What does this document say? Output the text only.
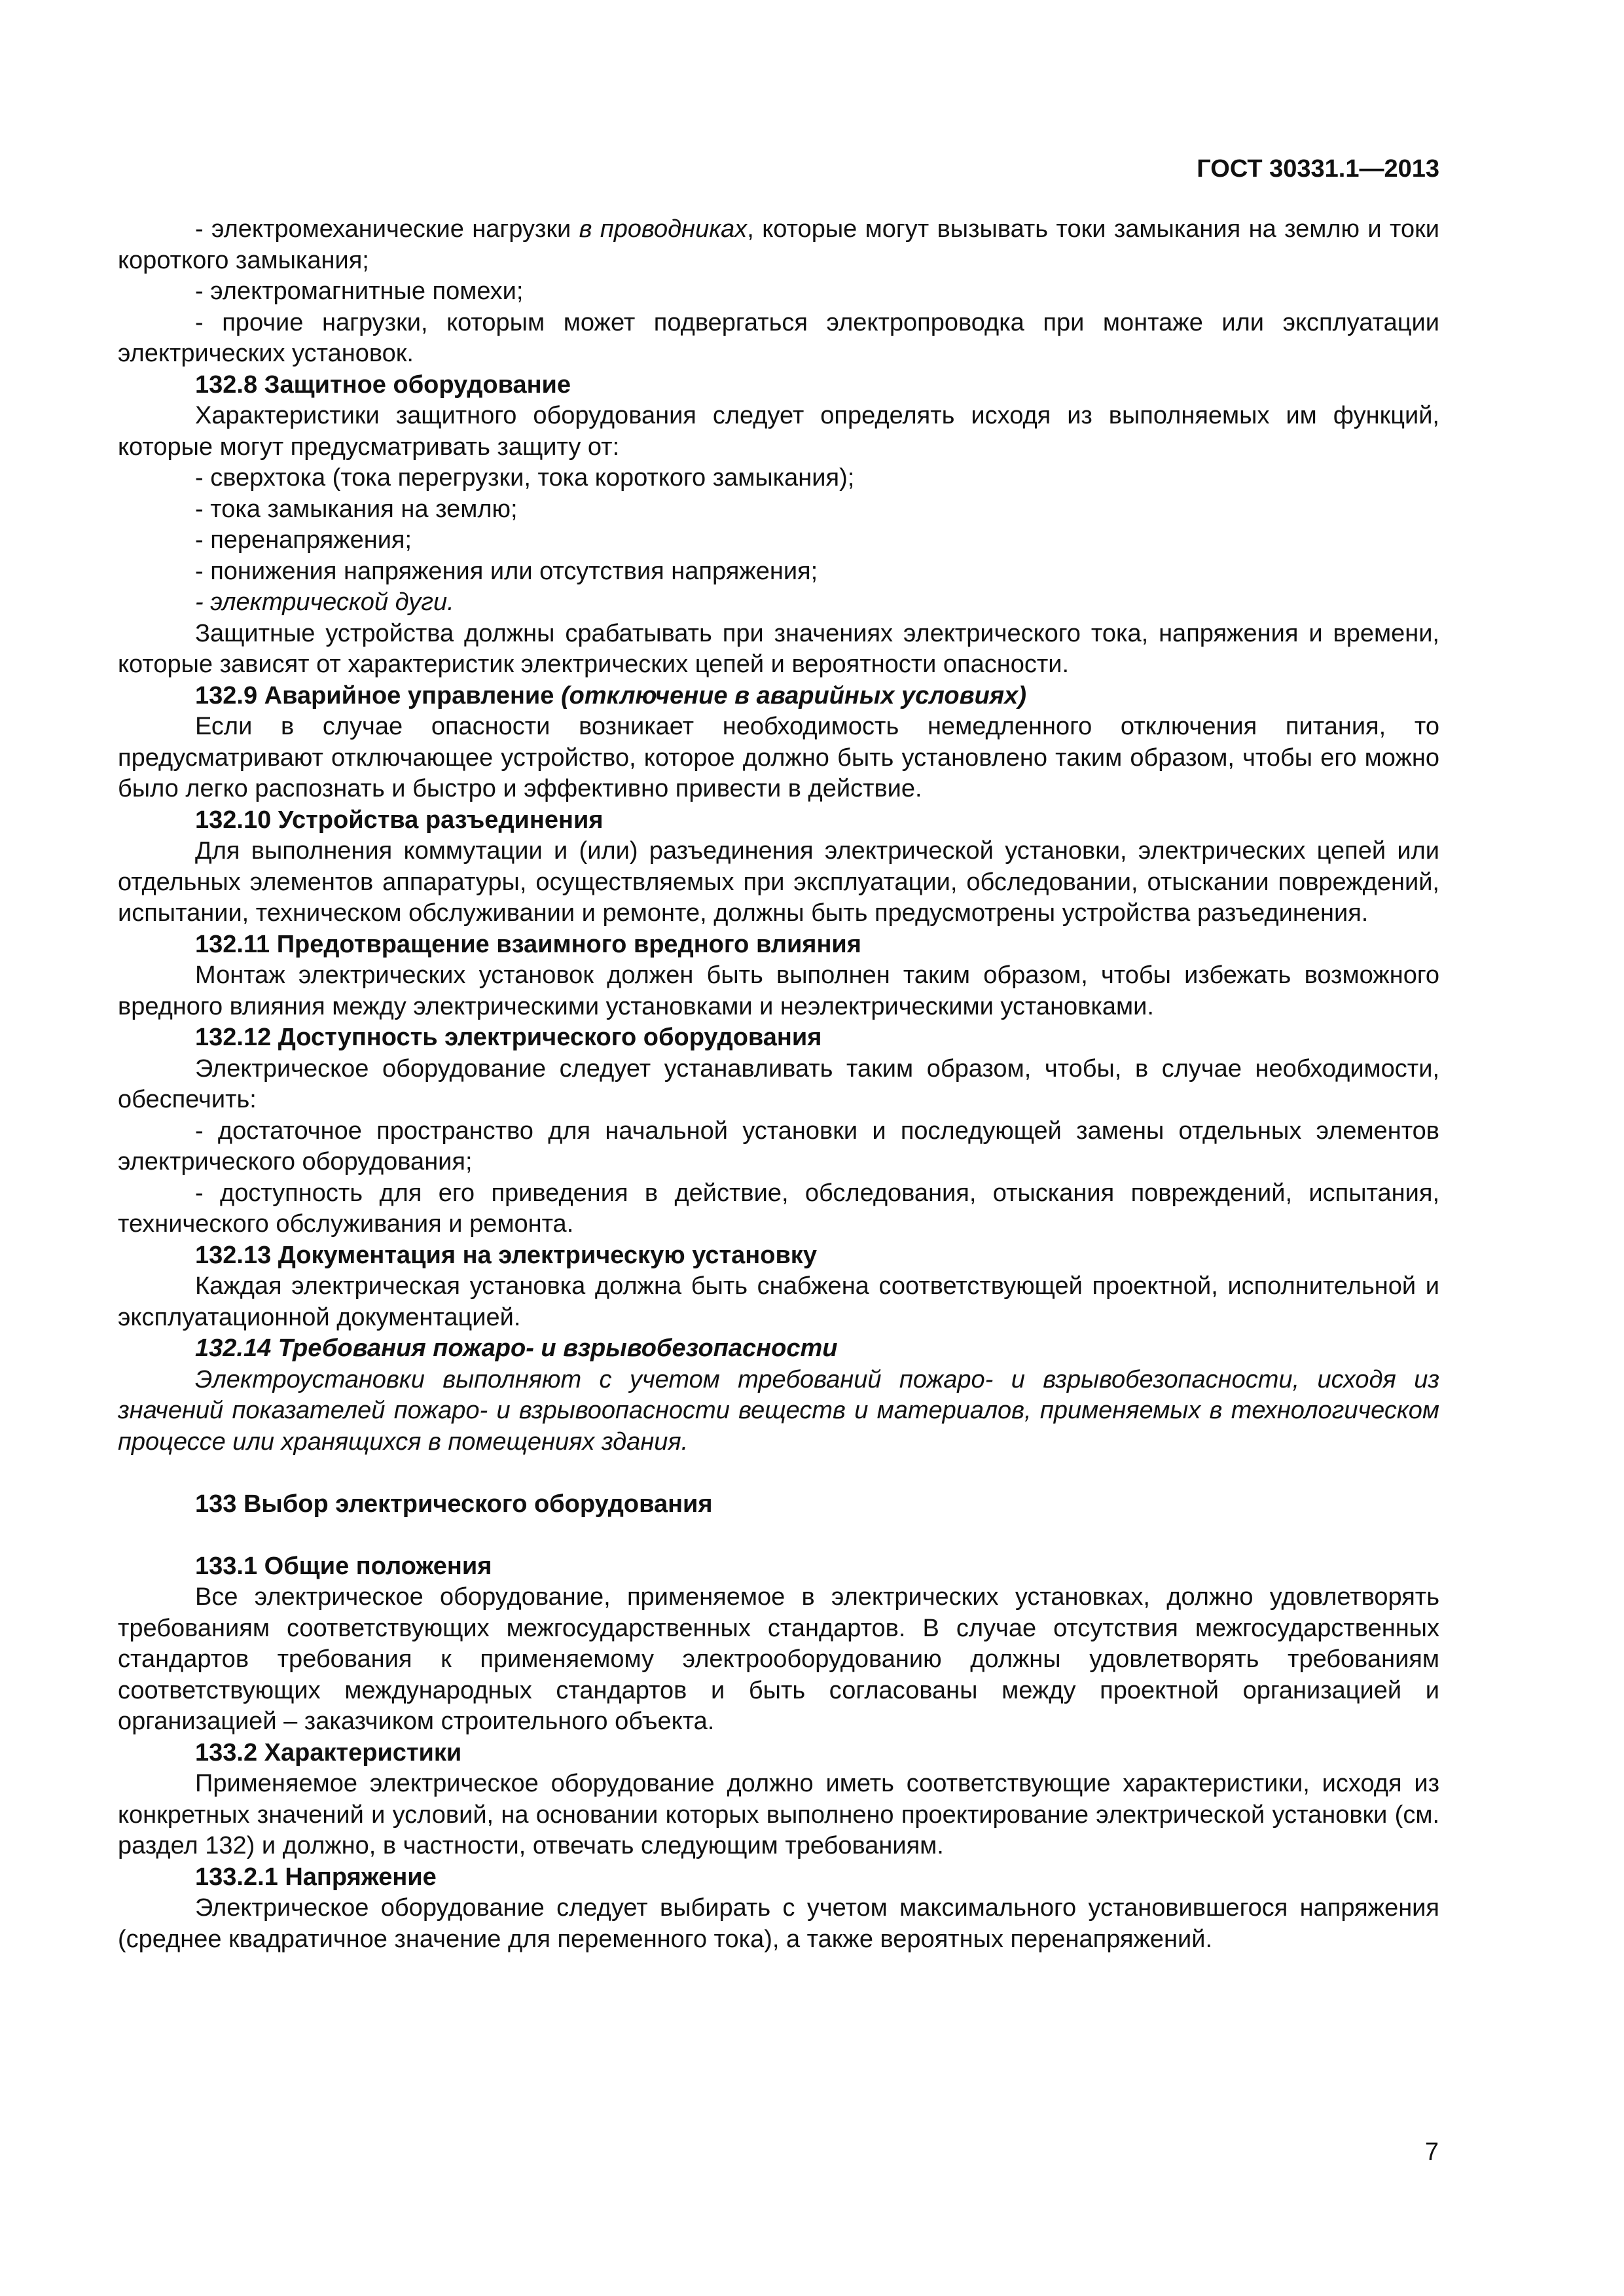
ГОСТ 30331.1—2013

- электромеханические нагрузки в проводниках, которые могут вызывать токи замыкания на землю и токи короткого замыкания;

- электромагнитные помехи;

- прочие нагрузки, которым может подвергаться электропроводка при монтаже или эксплуатации электрических установок.

132.8 Защитное оборудование

Характеристики защитного оборудования следует определять исходя из выполняемых им функций, которые могут предусматривать защиту от:

- сверхтока (тока перегрузки, тока короткого замыкания);

- тока замыкания на землю;

- перенапряжения;

- понижения напряжения или отсутствия напряжения;

- электрической дуги.

Защитные устройства должны срабатывать при значениях электрического тока, напряжения и времени, которые зависят от характеристик электрических цепей и вероятности опасности.

132.9 Аварийное управление (отключение в аварийных условиях)

Если в случае опасности возникает необходимость немедленного отключения питания, то предусматривают отключающее устройство, которое должно быть установлено таким образом, чтобы его можно было легко распознать и быстро и эффективно привести в действие.

132.10 Устройства разъединения

Для выполнения коммутации и (или) разъединения электрической установки, электрических цепей или отдельных элементов аппаратуры, осуществляемых при эксплуатации, обследовании, отыскании повреждений, испытании, техническом обслуживании и ремонте, должны быть предусмотрены устройства разъединения.

132.11 Предотвращение взаимного вредного влияния

Монтаж электрических установок должен быть выполнен таким образом, чтобы избежать возможного вредного влияния между электрическими установками и неэлектрическими установками.

132.12 Доступность электрического оборудования

Электрическое оборудование следует устанавливать таким образом, чтобы, в случае необходимости, обеспечить:

- достаточное пространство для начальной установки и последующей замены отдельных элементов электрического оборудования;

- доступность для его приведения в действие, обследования, отыскания повреждений, испытания, технического обслуживания и ремонта.

132.13 Документация на электрическую установку

Каждая электрическая установка должна быть снабжена соответствующей проектной, исполнительной и эксплуатационной документацией.

132.14 Требования пожаро- и взрывобезопасности

Электроустановки выполняют с учетом требований пожаро- и взрывобезопасности, исходя из значений показателей пожаро- и взрывоопасности веществ и материалов, применяемых в технологическом процессе или хранящихся в помещениях здания.

133 Выбор электрического оборудования

133.1 Общие положения

Все электрическое оборудование, применяемое в электрических установках, должно удовлетворять требованиям соответствующих межгосударственных стандартов. В случае отсутствия межгосударственных стандартов требования к применяемому электрооборудованию должны удовлетворять требованиям соответствующих международных стандартов и быть согласованы между проектной организацией и организацией – заказчиком строительного объекта.

133.2 Характеристики

Применяемое электрическое оборудование должно иметь соответствующие характеристики, исходя из конкретных значений и условий, на основании которых выполнено проектирование электрической установки (см. раздел 132) и должно, в частности, отвечать следующим требованиям.

133.2.1 Напряжение

Электрическое оборудование следует выбирать с учетом максимального установившегося напряжения (среднее квадратичное значение для переменного тока), а также вероятных перенапряжений.

7
